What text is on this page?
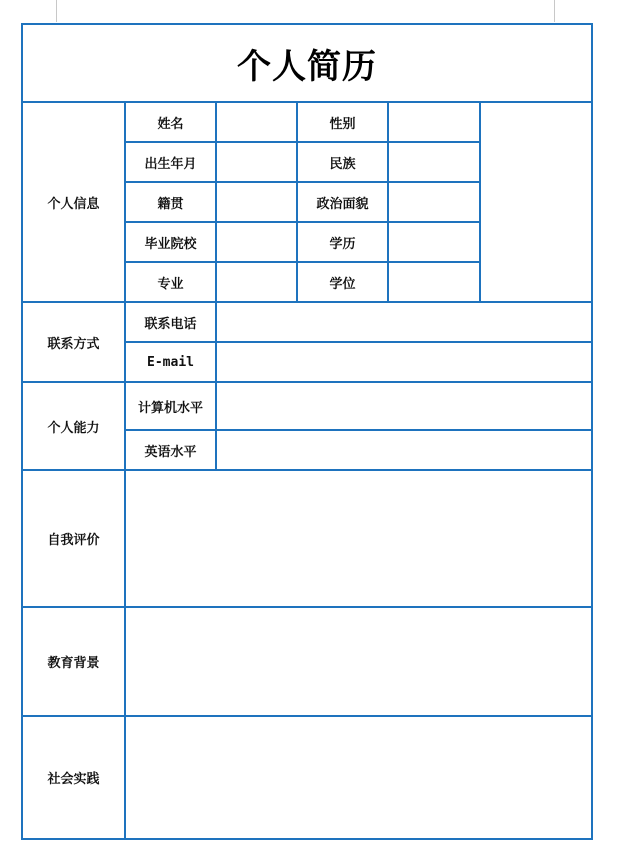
个人简历					
个人信息	姓名		性别		
	出生年月		民族		
	籍贯		政治面貌		
	毕业院校		学历		
	专业		学位		
联系方式	联系电话				
	E-mail				
个人能力	计算机水平				
	英语水平				
自我评价					
教育背景					
社会实践					
